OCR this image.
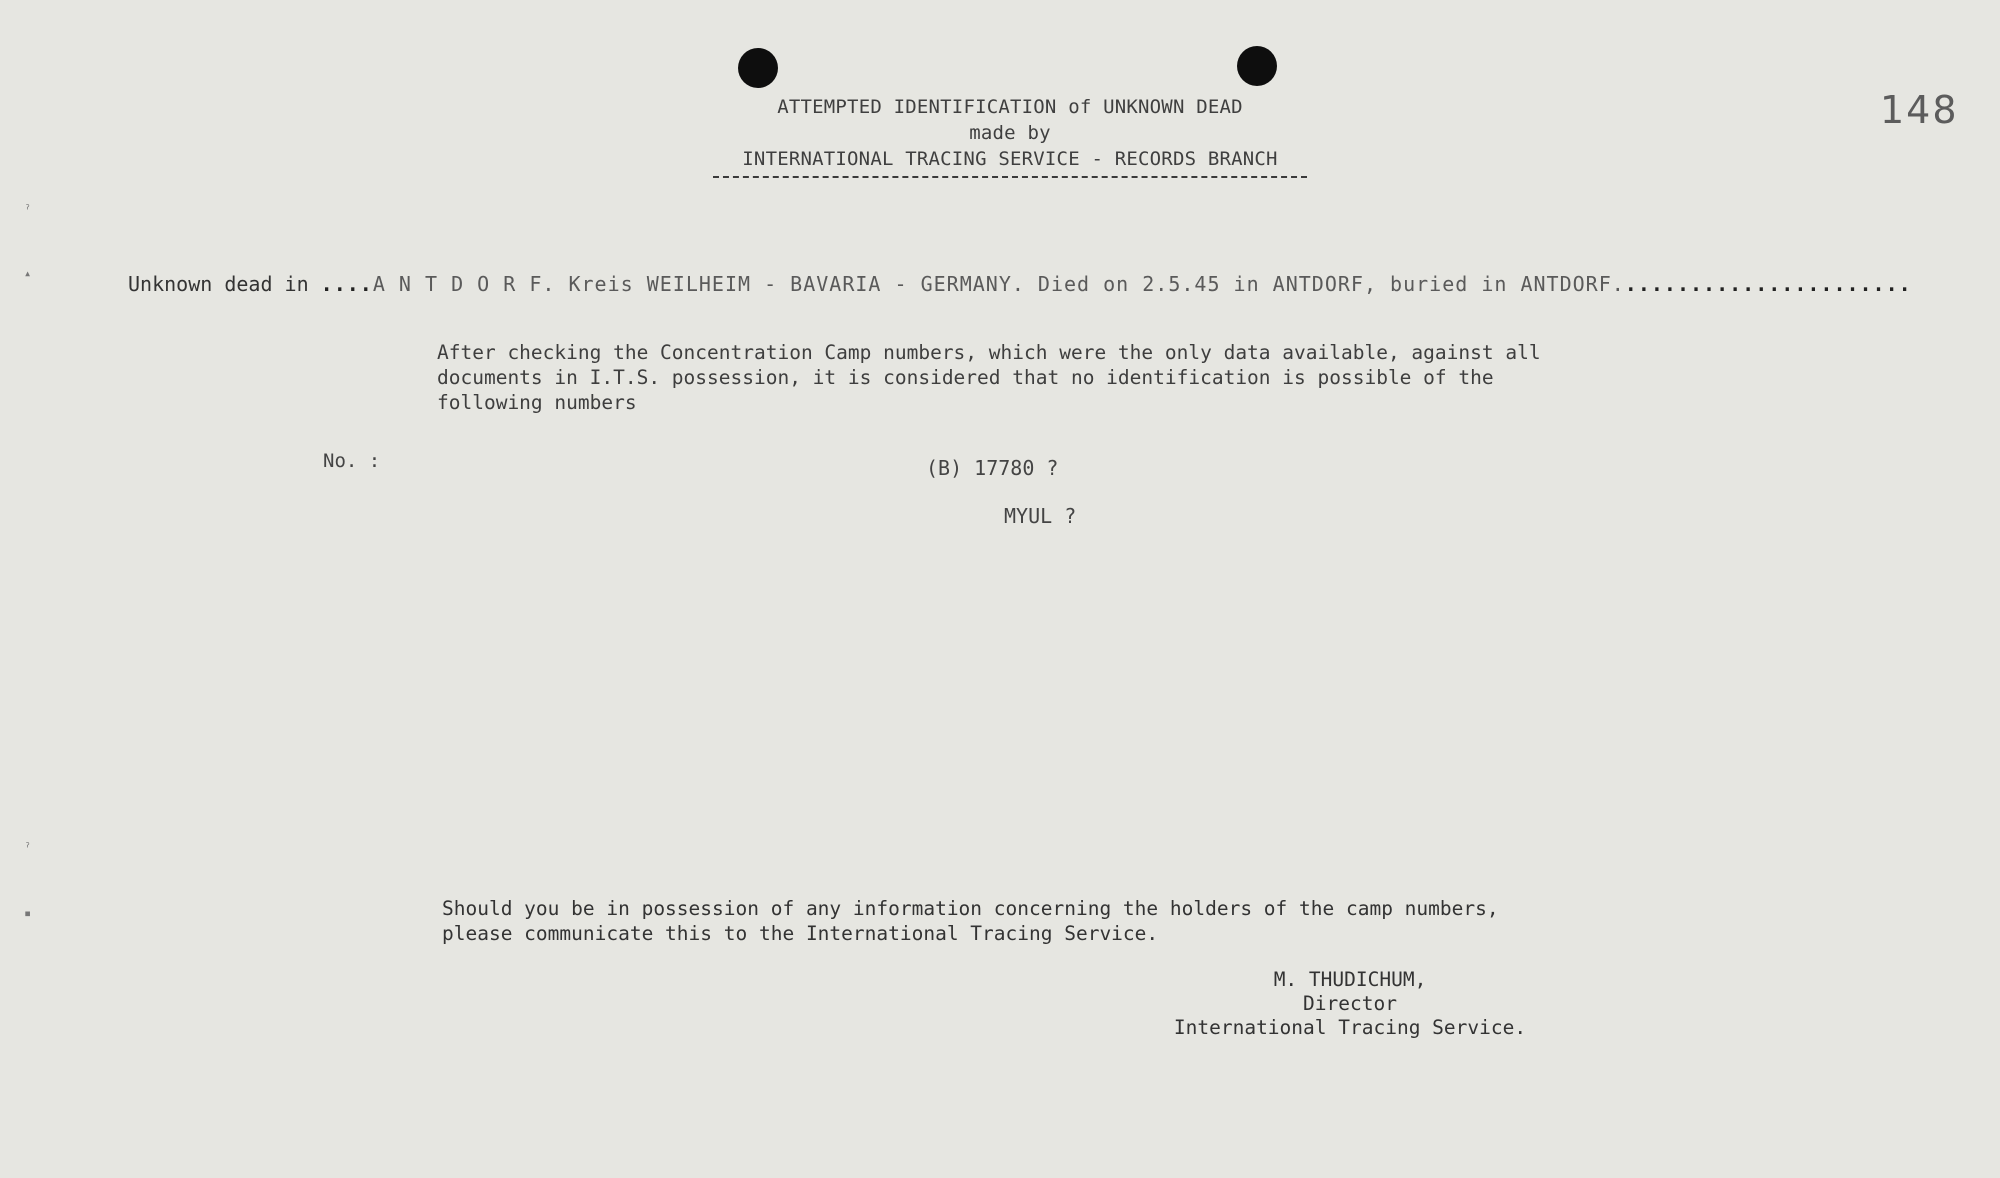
ˀ
▴
ˀ
▪
ATTEMPTED IDENTIFICATION of UNKNOWN DEAD
made by
INTERNATIONAL TRACING SERVICE - RECORDS BRANCH
148
Unknown dead in ....A N T D O R F. Kreis WEILHEIM - BAVARIA - GERMANY. Died on 2.5.45 in ANTDORF, buried in ANTDORF.......................
After checking the Concentration Camp numbers, which were the only data available, against all
documents in I.T.S. possession, it is considered that no identification is possible of the
following numbers
No. :	(B) 17780 ?
MYUL ?
Should you be in possession of any information concerning the holders of the camp numbers,
please communicate this to the International Tracing Service.
M. THUDICHUM,
Director
International Tracing Service.
